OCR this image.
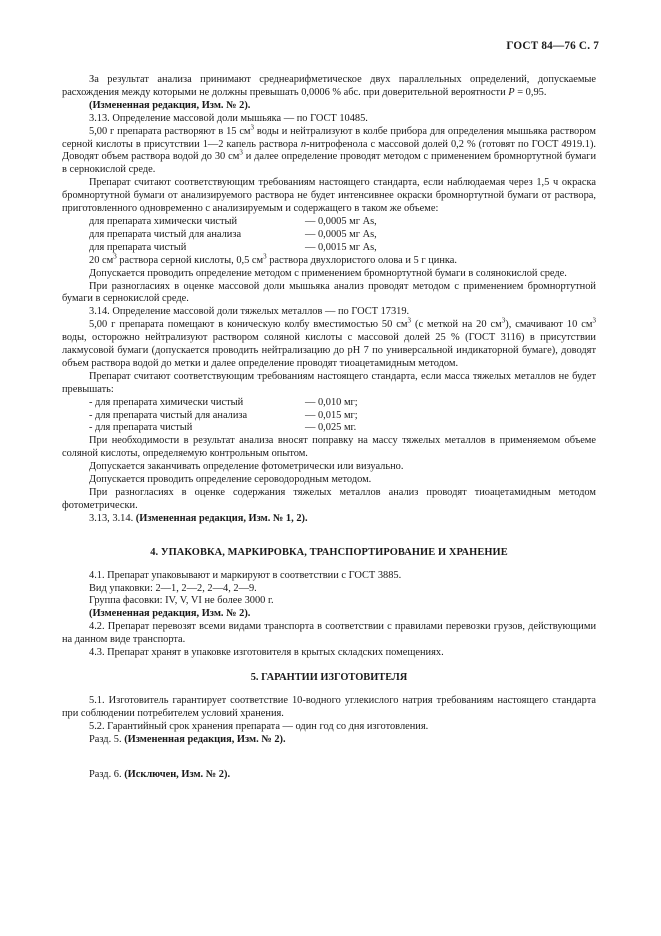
ГОСТ 84—76 С. 7

За результат анализа принимают среднеарифметическое двух параллельных определений, допускаемые расхождения между которыми не должны превышать 0,0006 % абс. при доверительной вероятности P = 0,95.

(Измененная редакция, Изм. № 2).

3.13. Определение массовой доли мышьяка — по ГОСТ 10485.

5,00 г препарата растворяют в 15 $см^3$ воды и нейтрализуют в колбе прибора для определения мышьяка раствором серной кислоты в присутствии 1—2 капель раствора n-нитрофенола с массовой долей 0,2 % (готовят по ГОСТ 4919.1). Доводят объем раствора водой до 30 $см^3$ и далее определение проводят методом с применением бромнортутной бумаги в сернокислой среде.

Препарат считают соответствующим требованиям настоящего стандарта, если наблюдаемая через 1,5 ч окраска бромнортутной бумаги от анализируемого раствора не будет интенсивнее окраски бромнортутной бумаги от раствора, приготовленного одновременно с анализируемым и содержащего в таком же объеме:

для препарата химически чистый	— 0,0005 мг As,
для препарата чистый для анализа	— 0,0005 мг As,
для препарата чистый	— 0,0015 мг As,

20 $см^3$ раствора серной кислоты, 0,5 $см^3$ раствора двухлористого олова и 5 г цинка.

Допускается проводить определение методом с применением бромнортутной бумаги в солянокислой среде.

При разногласиях в оценке массовой доли мышьяка анализ проводят методом с применением бромнортутной бумаги в сернокислой среде.

3.14. Определение массовой доли тяжелых металлов — по ГОСТ 17319.

5,00 г препарата помещают в коническую колбу вместимостью 50 $см^3$ (с меткой на 20 $см^3$), смачивают 10 $см^3$ воды, осторожно нейтрализуют раствором соляной кислоты с массовой долей 25 % (ГОСТ 3116) в присутствии лакмусовой бумаги (допускается проводить нейтрализацию до pH 7 по универсальной индикаторной бумаге), доводят объем раствора водой до метки и далее определение проводят тиоацетамидным методом.

Препарат считают соответствующим требованиям настоящего стандарта, если масса тяжелых металлов не будет превышать:

- для препарата химически чистый	— 0,010 мг;
- для препарата чистый для анализа	— 0,015 мг;
- для препарата чистый	— 0,025 мг.

При необходимости в результат анализа вносят поправку на массу тяжелых металлов в применяемом объеме соляной кислоты, определяемую контрольным опытом.

Допускается заканчивать определение фотометрически или визуально.

Допускается проводить определение сероводородным методом.

При разногласиях в оценке содержания тяжелых металлов анализ проводят тиоацетамидным методом фотометрически.

3.13, 3.14. (Измененная редакция, Изм. № 1, 2).

4. УПАКОВКА, МАРКИРОВКА, ТРАНСПОРТИРОВАНИЕ И ХРАНЕНИЕ

4.1. Препарат упаковывают и маркируют в соответствии с ГОСТ 3885.

Вид упаковки: 2—1, 2—2, 2—4, 2—9.

Группа фасовки: IV, V, VI не более 3000 г.

(Измененная редакция, Изм. № 2).

4.2. Препарат перевозят всеми видами транспорта в соответствии с правилами перевозки грузов, действующими на данном виде транспорта.

4.3. Препарат хранят в упаковке изготовителя в крытых складских помещениях.

5. ГАРАНТИИ ИЗГОТОВИТЕЛЯ

5.1. Изготовитель гарантирует соответствие 10-водного углекислого натрия требованиям настоящего стандарта при соблюдении потребителем условий хранения.

5.2. Гарантийный срок хранения препарата — один год со дня изготовления.

Разд. 5. (Измененная редакция, Изм. № 2).

Разд. 6. (Исключен, Изм. № 2).
